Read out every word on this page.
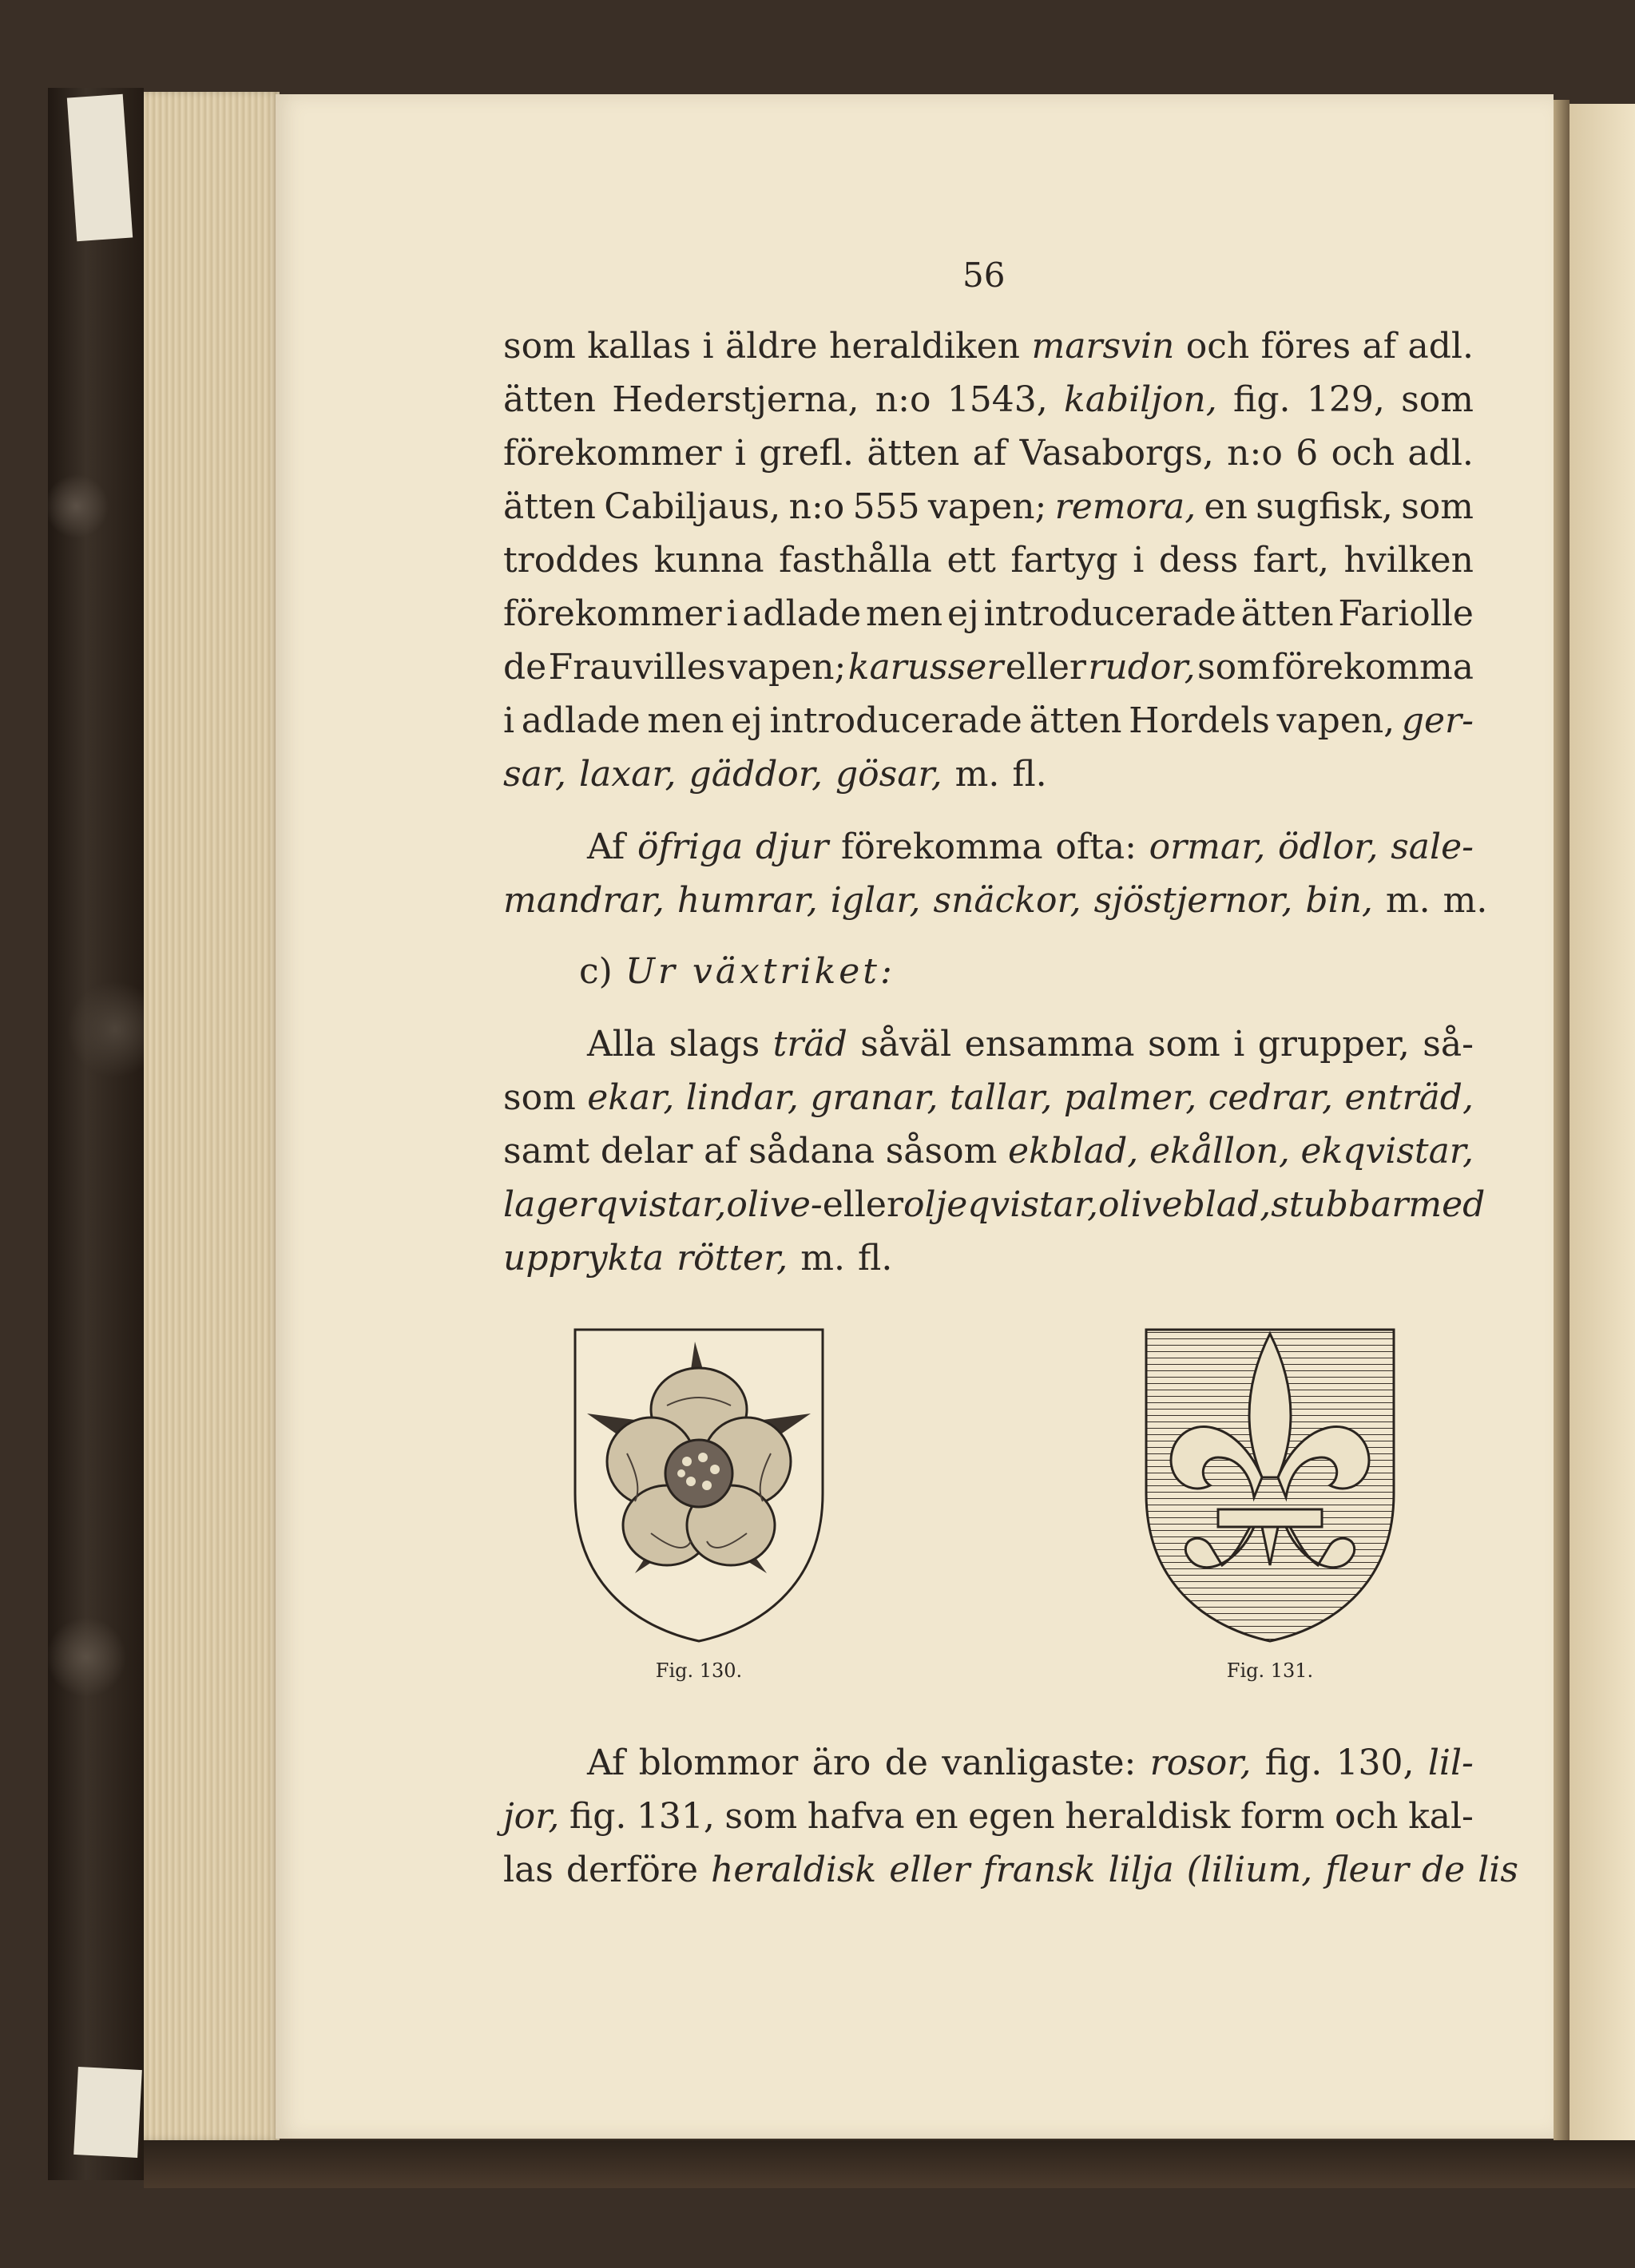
56
som kallas i äldre heraldiken marsvin och föres af adl.
ätten Hederstjerna, n:o 1543, kabiljon, fig. 129, som
förekommer i grefl. ätten af Vasaborgs, n:o 6 och adl.
ätten Cabiljaus, n:o 555 vapen; remora, en sugfisk, som
troddes kunna fasthålla ett fartyg i dess fart, hvilken
förekommer i adlade men ej introducerade ätten Fariolle
de Frauvilles vapen; karusser eller rudor, som förekomma
i adlade men ej introducerade ätten Hordels vapen, ger-
sar, laxar, gäddor, gösar, m. fl.
Af öfriga djur förekomma ofta: ormar, ödlor, sale-
mandrar, humrar, iglar, snäckor, sjöstjernor, bin, m. m.
c) Ur växtriket:
Alla slags träd såväl ensamma som i grupper, så-
som ekar, lindar, granar, tallar, palmer, cedrar, enträd,
samt delar af sådana såsom ekblad, ekållon, ekqvistar,
lagerqvistar, olive- eller oljeqvistar, oliveblad, stubbar med
upprykta rötter, m. fl.
Fig. 130.	Fig. 131.
Af blommor äro de vanligaste: rosor, fig. 130, lil-
jor, fig. 131, som hafva en egen heraldisk form och kal-
las derföre heraldisk eller fransk lilja (lilium, fleur de lis
